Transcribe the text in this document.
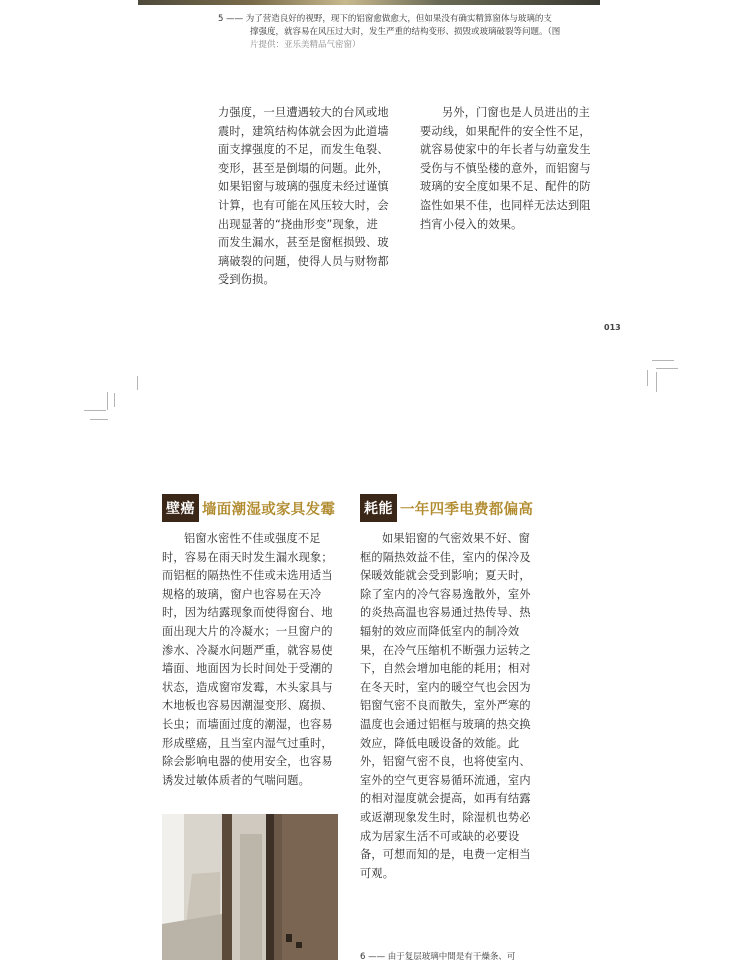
5 —— 为了营造良好的视野，现下的铝窗愈做愈大，但如果没有确实精算窗体与玻璃的支
撑强度，就容易在风压过大时，发生严重的结构变形、损毁或玻璃破裂等问题。（图
片提供：亚乐美精品气密窗）
力强度，一旦遭遇较大的台风或地
震时，建筑结构体就会因为此道墙
面支撑强度的不足，而发生龟裂、
变形，甚至是倒塌的问题。此外，
如果铝窗与玻璃的强度未经过谨慎
计算，也有可能在风压较大时，会
出现显著的“挠曲形变”现象，进
而发生漏水，甚至是窗框损毁、玻
璃破裂的问题，使得人员与财物都
受到伤损。
另外，门窗也是人员进出的主
要动线，如果配件的安全性不足，
就容易使家中的年长者与幼童发生
受伤与不慎坠楼的意外，而铝窗与
玻璃的安全度如果不足、配件的防
盗性如果不佳，也同样无法达到阻
挡宵小侵入的效果。
013
壁癌 墙面潮湿或家具发霉
铝窗水密性不佳或强度不足
时，容易在雨天时发生漏水现象；
而铝框的隔热性不佳或未选用适当
规格的玻璃，窗户也容易在天冷
时，因为结露现象而使得窗台、地
面出现大片的冷凝水；一旦窗户的
渗水、冷凝水问题严重，就容易使
墙面、地面因为长时间处于受潮的
状态，造成窗帘发霉，木头家具与
木地板也容易因潮湿变形、腐损、
长虫；而墙面过度的潮湿，也容易
形成壁癌，且当室内湿气过重时，
除会影响电器的使用安全，也容易
诱发过敏体质者的气喘问题。
耗能 一年四季电费都偏高
如果铝窗的气密效果不好、窗
框的隔热效益不佳，室内的保冷及
保暖效能就会受到影响；夏天时，
除了室内的冷气容易逸散外，室外
的炎热高温也容易通过热传导、热
辐射的效应而降低室内的制冷效
果，在冷气压缩机不断强力运转之
下，自然会增加电能的耗用；相对
在冬天时，室内的暖空气也会因为
铝窗气密不良而散失，室外严寒的
温度也会通过铝框与玻璃的热交换
效应，降低电暖设备的效能。此
外，铝窗气密不良，也将使室内、
室外的空气更容易循环流通，室内
的相对湿度就会提高，如再有结露
或返潮现象发生时，除湿机也势必
成为居家生活不可或缺的必要设
备，可想而知的是，电费一定相当
可观。
6 —— 由于复层玻璃中間是有干燥条、可
